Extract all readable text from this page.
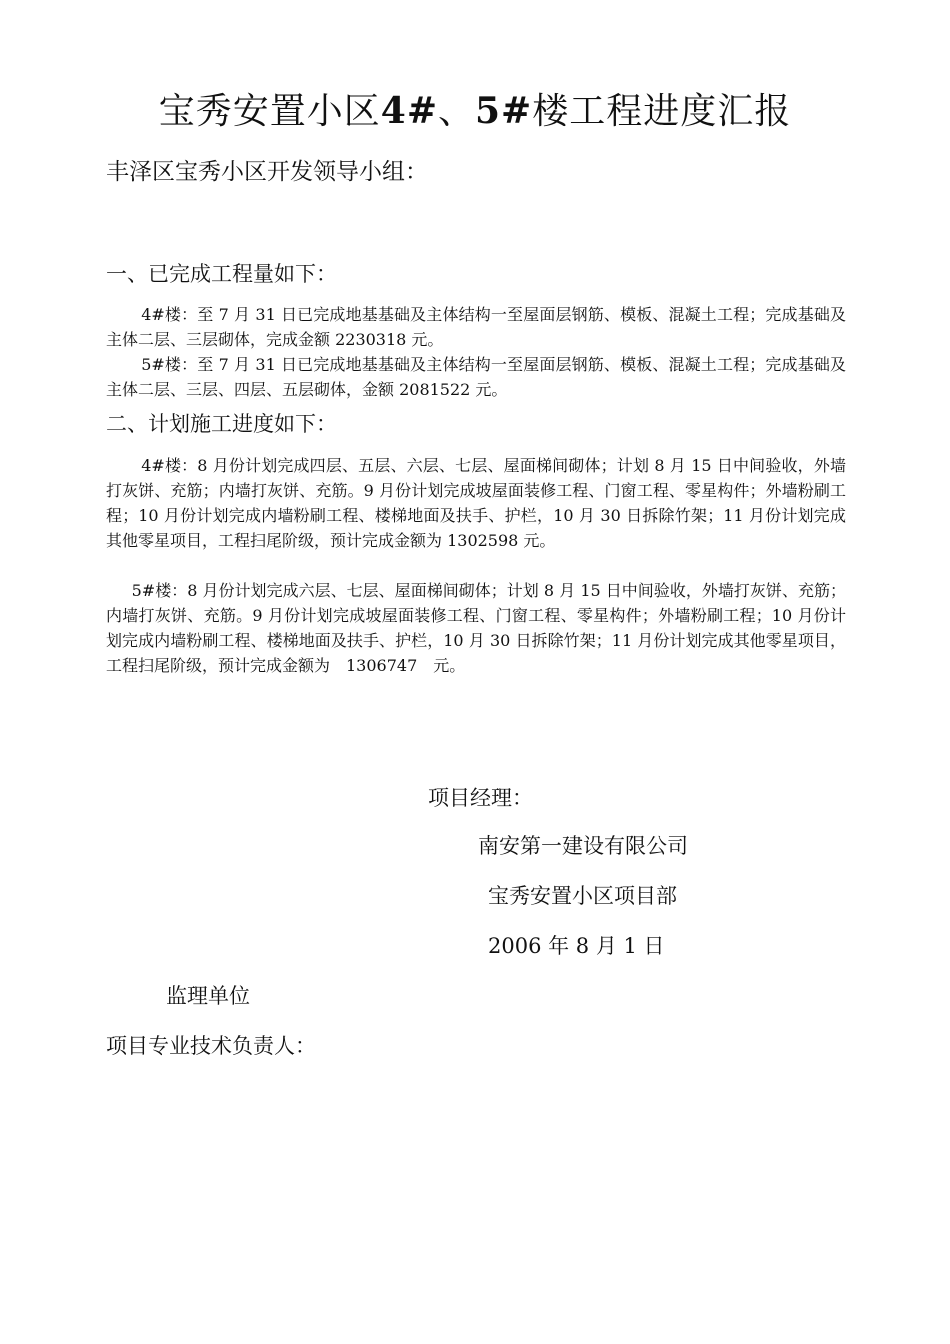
宝秀安置小区4#、5#楼工程进度汇报
丰泽区宝秀小区开发领导小组：
一、已完成工程量如下：
4#楼：至 7 月 31 日已完成地基基础及主体结构一至屋面层钢筋、模板、混凝土工程；完成基础及主体二层、三层砌体，完成金额 2230318 元。
5#楼：至 7 月 31 日已完成地基基础及主体结构一至屋面层钢筋、模板、混凝土工程；完成基础及主体二层、三层、四层、五层砌体，金额 2081522 元。
二、计划施工进度如下：
4#楼：8 月份计划完成四层、五层、六层、七层、屋面梯间砌体；计划 8 月 15 日中间验收，外墙打灰饼、充筋；内墙打灰饼、充筋。9 月份计划完成坡屋面装修工程、门窗工程、零星构件；外墙粉刷工程；10 月份计划完成内墙粉刷工程、楼梯地面及扶手、护栏，10 月 30 日拆除竹架；11 月份计划完成其他零星项目，工程扫尾阶级，预计完成金额为 1302598 元。
5#楼：8 月份计划完成六层、七层、屋面梯间砌体；计划 8 月 15 日中间验收，外墙打灰饼、充筋；内墙打灰饼、充筋。9 月份计划完成坡屋面装修工程、门窗工程、零星构件；外墙粉刷工程；10 月份计划完成内墙粉刷工程、楼梯地面及扶手、护栏，10 月 30 日拆除竹架；11 月份计划完成其他零星项目，工程扫尾阶级，预计完成金额为　1306747　元。
项目经理：
南安第一建设有限公司
宝秀安置小区项目部
2006 年 8 月 1 日
监理单位
项目专业技术负责人：
